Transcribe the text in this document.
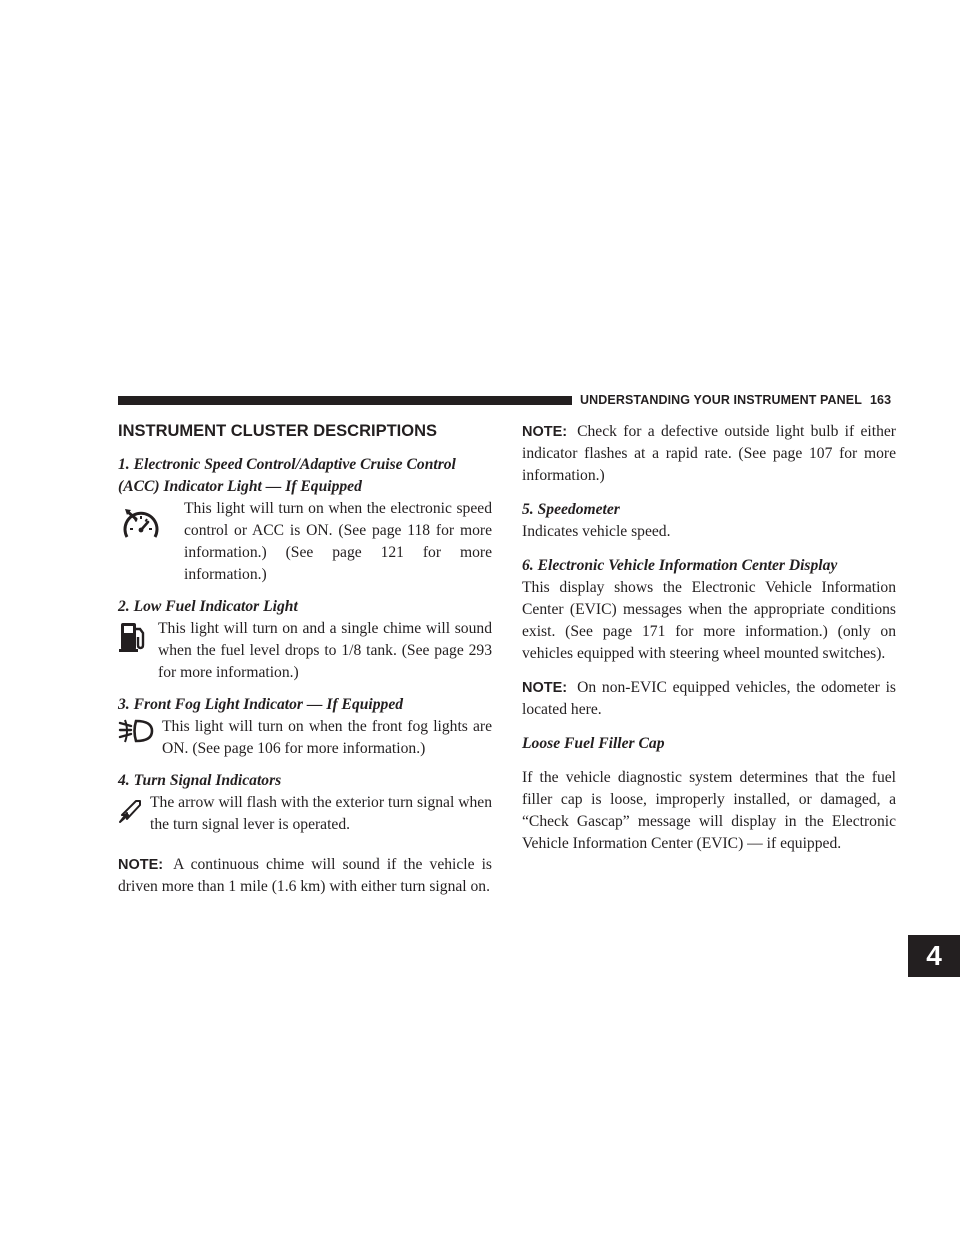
UNDERSTANDING YOUR INSTRUMENT PANEL 163
4
INSTRUMENT CLUSTER DESCRIPTIONS

1. Electronic Speed Control/Adaptive Cruise Control

(ACC) Indicator Light — If Equipped

This light will turn on when the electronic speed control or ACC is ON. (See page 118 for more information.) (See page 121 for more information.)

2. Low Fuel Indicator Light

This light will turn on and a single chime will sound when the fuel level drops to 1/8 tank. (See page 293 for more information.)

3. Front Fog Light Indicator — If Equipped

This light will turn on when the front fog lights are ON. (See page 106 for more information.)

4. Turn Signal Indicators

The arrow will flash with the exterior turn signal when the turn signal lever is operated.

NOTE: A continuous chime will sound if the vehicle is driven more than 1 mile (1.6 km) with either turn signal on.

NOTE: Check for a defective outside light bulb if either indicator flashes at a rapid rate. (See page 107 for more information.)

5. Speedometer

Indicates vehicle speed.

6. Electronic Vehicle Information Center Display

This display shows the Electronic Vehicle Information Center (EVIC) messages when the appropriate conditions exist. (See page 171 for more information.) (only on vehicles equipped with steering wheel mounted switches).

NOTE: On non-EVIC equipped vehicles, the odometer is located here.

Loose Fuel Filler Cap

If the vehicle diagnostic system determines that the fuel filler cap is loose, improperly installed, or damaged, a “Check Gascap” message will display in the Electronic Vehicle Information Center (EVIC) — if equipped.
